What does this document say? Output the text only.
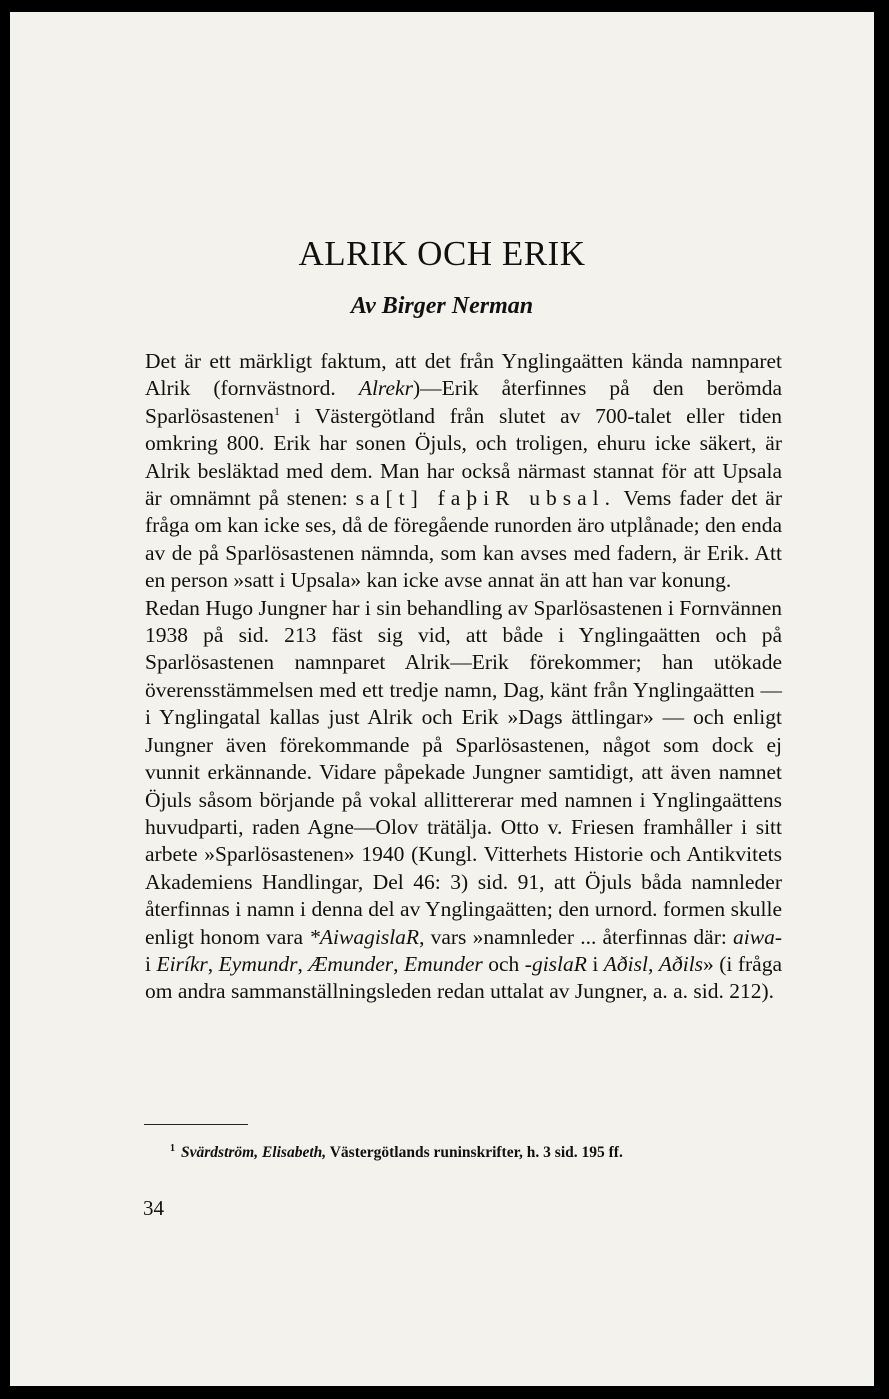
ALRIK OCH ERIK
Av Birger Nerman

Det är ett märkligt faktum, att det från Ynglingaätten kända namnparet Alrik (fornvästnord. Alrekr)—Erik återfinnes på den berömda Sparlösastenen$^1$ i Västergötland från slutet av 700-talet eller tiden omkring 800. Erik har sonen Öjuls, och troligen, ehuru icke säkert, är Alrik besläktad med dem. Man har också närmast stannat för att Upsala är omnämnt på stenen: sa[t] faþiR ubsal. Vems fader det är fråga om kan icke ses, då de föregående runorden äro utplånade; den enda av de på Sparlösastenen nämnda, som kan avses med fadern, är Erik. Att en person »satt i Upsala» kan icke avse annat än att han var konung.

Redan Hugo Jungner har i sin behandling av Sparlösastenen i Fornvännen 1938 på sid. 213 fäst sig vid, att både i Ynglingaätten och på Sparlösastenen namnparet Alrik—Erik förekommer; han utökade överensstämmelsen med ett tredje namn, Dag, känt från Ynglingaätten — i Ynglingatal kallas just Alrik och Erik »Dags ättlingar» — och enligt Jungner även förekommande på Sparlösastenen, något som dock ej vunnit erkännande. Vidare påpekade Jungner samtidigt, att även namnet Öjuls såsom börjande på vokal allittererar med namnen i Ynglingaättens huvudparti, raden Agne—Olov trätälja. Otto v. Friesen framhåller i sitt arbete »Sparlösastenen» 1940 (Kungl. Vitterhets Historie och Antikvitets Akademiens Handlingar, Del 46: 3) sid. 91, att Öjuls båda namnleder återfinnas i namn i denna del av Ynglingaätten; den urnord. formen skulle enligt honom vara *AiwagislaR, vars »namnleder ... återfinnas där: aiwa- i Eiríkr, Eymundr, Æmunder, Emunder och -gislaR i Aðisl, Aðils» (i fråga om andra sammanställningsleden redan uttalat av Jungner, a. a. sid. 212).

$^1$ Svärdström, Elisabeth, Västergötlands runinskrifter, h. 3 sid. 195 ff.
34
